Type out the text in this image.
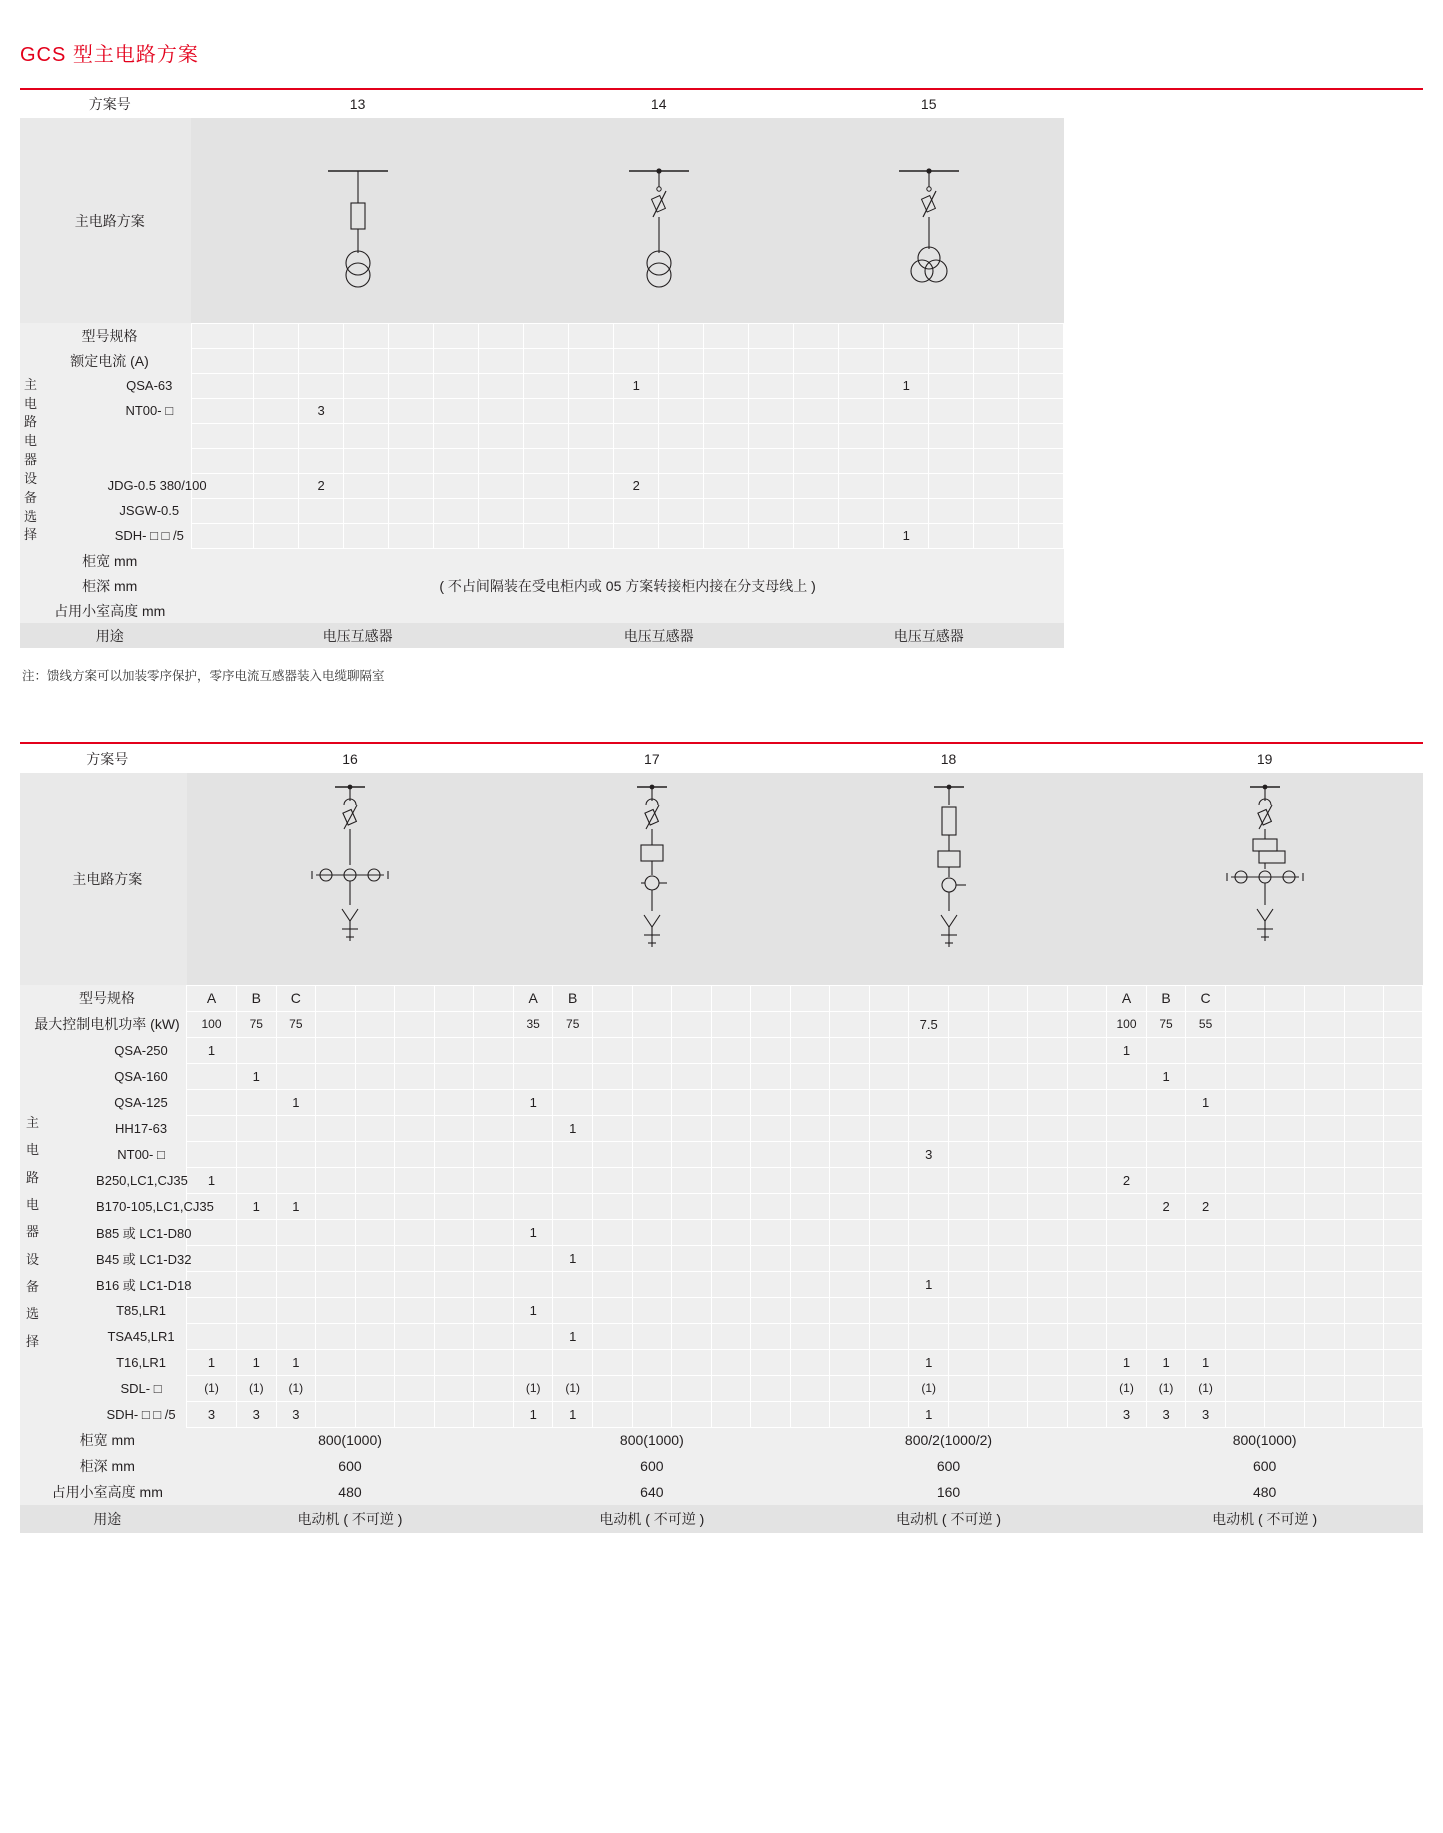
GCS 型主电路方案
方案号		13							14						15						
主电路方案	

型号规格																					
额定电流 (A)																					

主
电
路
电
器
设
备
选
择
	QSA-63										1						1				
	NT00- □			3																	

	JDG-0.5 380/100			2							2										
	JSGW-0.5																				
	SDH- □ □ /5																1				
柜宽 mm		( 不占间隔装在受电柜内或 05 方案转接柜内接在分支母线上 )																			
柜深 mm																					
占用小室高度 mm																					
用途		电压互感器							电压互感器						电压互感器						
注：馈线方案可以加装零序保护，零序电流互感器装入电缆聊隔室
方案号		16								17							18								19							
主电路方案	

型号规格		A	B	C						A	B														A	B	C					
最大控制电机功率 (kW)		100	75	75						35	75									7.5					100	75	55					

主
电
路
电
器
设
备
选
择
	QSA-250	1																							1							
	QSA-160		1																							1						
	QSA-125			1						1																	1					
	HH17-63										1																					
	NT00- □																			3												
	B250,LC1,CJ35	1																							2							
	B170-105,LC1,CJ35		1	1																						2	2					
	B85 或 LC1-D80									1																						
	B45 或 LC1-D32										1																					
	B16 或 LC1-D18																			1												
	T85,LR1									1																						
	TSA45,LR1										1																					
	T16,LR1	1	1	1																1					1	1	1					
	SDL- □	(1)	(1)	(1)						(1)	(1)									(1)					(1)	(1)	(1)					
	SDH- □ □ /5	3	3	3						1	1									1					3	3	3					
柜宽 mm		800(1000)								800(1000)							800/2(1000/2)								800(1000)							
柜深 mm		600								600							600								600							
占用小室高度 mm		480								640							160								480							
用途		电动机 ( 不可逆 )								电动机 ( 不可逆 )							电动机 ( 不可逆 )								电动机 ( 不可逆 )							
